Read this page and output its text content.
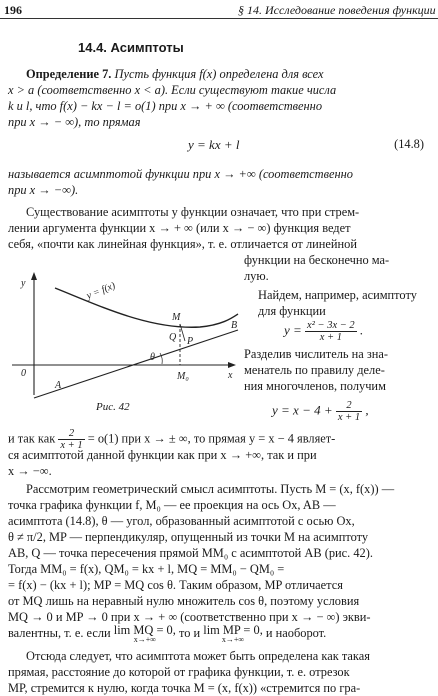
196	§ 14. Исследование поведения функции
14.4. Асимптоты
Определение 7. Пусть функция f(x) определена для всех
x > a (соответственно x < a). Если существуют такие числа
k и l, что f(x) − kx − l = o(1) при x → + ∞ (соответственно
при x → − ∞), то прямая
y = kx + l	(14.8)
называется асимптотой функции при x → +∞ (соответственно
при x → −∞).
Существование асимптоты у функции означает, что при стрем-
лении аргумента функции x → + ∞ (или x → − ∞) функция ведет
себя, «почти как линейная функция», т. е. отличается от линейной
функции на бесконечно ма-
лую.
Найдем, например, асимптоту для функции
$y = \frac{\text{x² − 3x − 2}}{x + 1}$ .
Разделив числитель на зна-
менатель по правилу деле-
ния многочленов, получим
$y = x - 4 + \frac{2}{x + 1}$ ,
y
x
0
y = f(x)
M
Q P
M₀
A
B
θ
Рис. 42
и так как $\frac{2}{x + 1} = o(1)$ при x → ± ∞, то прямая y = x − 4 являет-
ся асимптотой данной функции как при x → +∞, так и при
x → −∞.
Рассмотрим геометрический смысл асимптоты. Пусть M = (x, f(x)) —
точка графика функции f, M₀ — ее проекция на ось Ox, AB —
асимптота (14.8), θ — угол, образованный асимптотой с осью Ox,
θ ≠ π/2, MP — перпендикуляр, опущенный из точки M на асимптоту
AB, Q — точка пересечения прямой MM₀ с асимптотой AB (рис. 42).
Тогда MM₀ = f(x), QM₀ = kx + l, MQ = MM₀ − QM₀ =
= f(x) − (kx + l); MP = MQ cos θ. Таким образом, MP отличается
от MQ лишь на неравный нулю множитель cos θ, поэтому условия
MQ → 0 и MP → 0 при x → + ∞ (соответственно при x → − ∞) экви-
валентны, т. е. если lim MQ = 0,
x→+∞	то и lim MP = 0,
x→+∞	и наоборот.
Отсюда следует, что асимптота может быть определена как такая
прямая, расстояние до которой от графика функции, т. е. отрезок
MP, стремится к нулю, когда точка M = (x, f(x)) «стремится по гра-
